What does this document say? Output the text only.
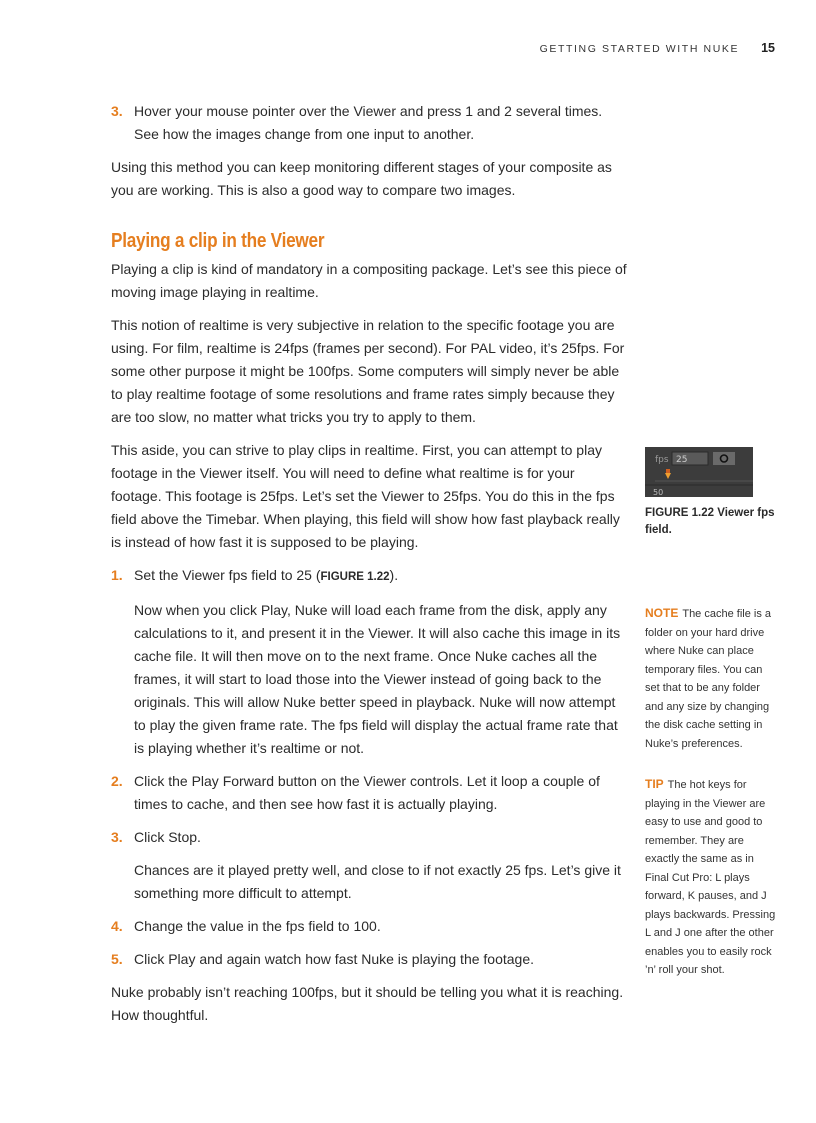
GETTING STARTED WITH NUKE 15
3. Hover your mouse pointer over the Viewer and press 1 and 2 several times. See how the images change from one input to another.

Using this method you can keep monitoring different stages of your composite as you are working. This is also a good way to compare two images.

Playing a clip in the Viewer

Playing a clip is kind of mandatory in a compositing package. Let’s see this piece of moving image playing in realtime.

This notion of realtime is very subjective in relation to the specific footage you are using. For film, realtime is 24fps (frames per second). For PAL video, it’s 25fps. For some other purpose it might be 100fps. Some computers will simply never be able to play realtime footage of some resolutions and frame rates simply because they are too slow, no matter what tricks you try to apply to them.

This aside, you can strive to play clips in realtime. First, you can attempt to play footage in the Viewer itself. You will need to define what realtime is for your footage. This footage is 25fps. Let’s set the Viewer to 25fps. You do this in the fps field above the Timebar. When playing, this field will show how fast playback really is instead of how fast it is supposed to be playing.

1. Set the Viewer fps field to 25 (FIGURE 1.22).
Now when you click Play, Nuke will load each frame from the disk, apply any calculations to it, and present it in the Viewer. It will also cache this image in its cache file. It will then move on to the next frame. Once Nuke caches all the frames, it will start to load those into the Viewer instead of going back to the originals. This will allow Nuke better speed in playback. Nuke will now attempt to play the given frame rate. The fps field will display the actual frame rate that is playing whether it’s realtime or not.
2. Click the Play Forward button on the Viewer controls. Let it loop a couple of times to cache, and then see how fast it is actually playing.
3. Click Stop.
Chances are it played pretty well, and close to if not exactly 25 fps. Let’s give it something more difficult to attempt.
4. Change the value in the fps field to 100.
5. Click Play and again watch how fast Nuke is playing the footage.

Nuke probably isn’t reaching 100fps, but it should be telling you what it is reaching. How thoughtful.

fps 25
50
FIGURE 1.22 Viewer fps field.
NOTE The cache file is a folder on your hard drive where Nuke can place temporary files. You can set that to be any folder and any size by changing the disk cache setting in Nuke’s preferences.
TIP The hot keys for playing in the Viewer are easy to use and good to remember. They are exactly the same as in Final Cut Pro: L plays forward, K pauses, and J plays backwards. Pressing L and J one after the other enables you to easily rock ’n’ roll your shot.
